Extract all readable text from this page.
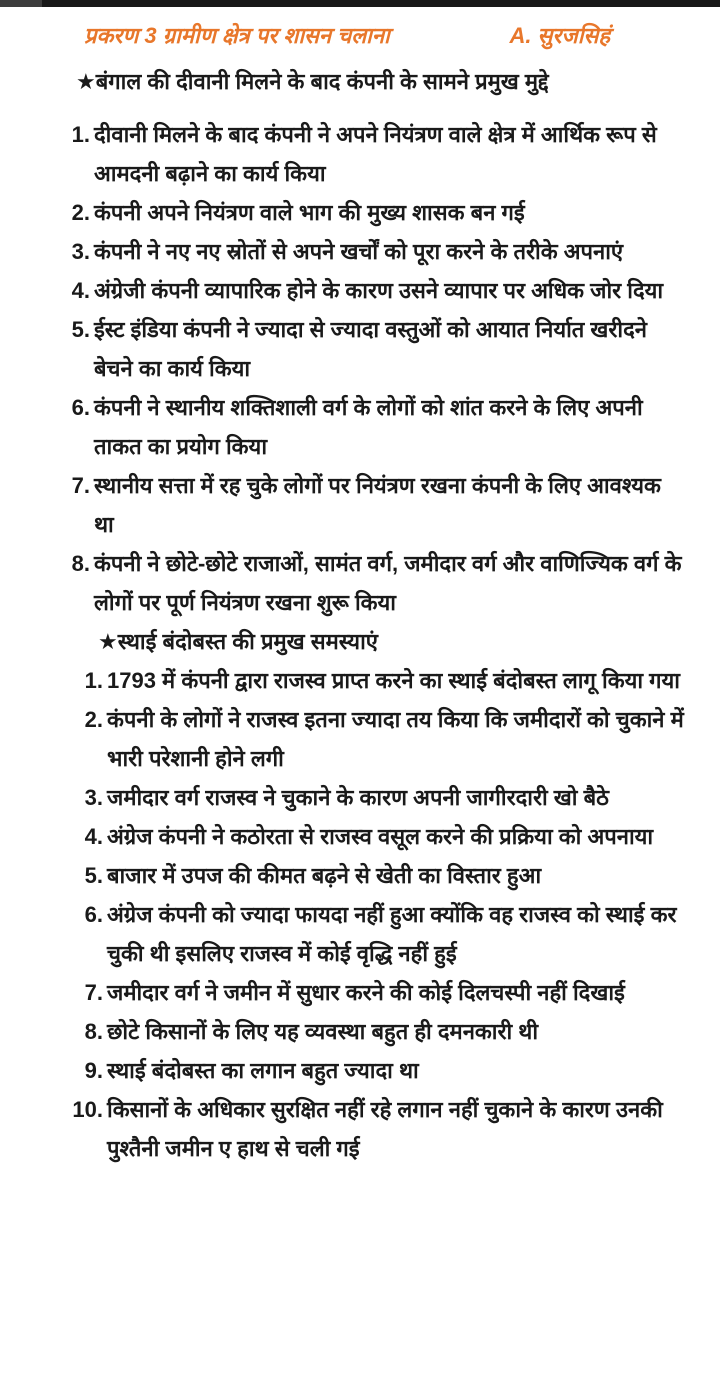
प्रकरण 3 ग्रामीण क्षेत्र पर शासन चलाना	A. सुरजसिहं
★बंगाल की दीवानी मिलने के बाद कंपनी के सामने प्रमुख मुद्दे
1. दीवानी मिलने के बाद कंपनी ने अपने नियंत्रण वाले क्षेत्र में आर्थिक रूप से आमदनी बढ़ाने का कार्य किया
2. कंपनी अपने नियंत्रण वाले भाग की मुख्य शासक बन गई
3. कंपनी ने नए नए स्रोतों से अपने खर्चों को पूरा करने के तरीके अपनाएं
4. अंग्रेजी कंपनी व्यापारिक होने के कारण उसने व्यापार पर अधिक जोर दिया
5. ईस्ट इंडिया कंपनी ने ज्यादा से ज्यादा वस्तुओं को आयात निर्यात खरीदने बेचने का कार्य किया
6. कंपनी ने स्थानीय शक्तिशाली वर्ग के लोगों को शांत करने के लिए अपनी ताकत का प्रयोग किया
7. स्थानीय सत्ता में रह चुके लोगों पर नियंत्रण रखना कंपनी के लिए आवश्यक था
8. कंपनी ने छोटे-छोटे राजाओं, सामंत वर्ग, जमीदार वर्ग और वाणिज्यिक वर्ग के लोगों पर पूर्ण नियंत्रण रखना शुरू किया
★स्थाई बंदोबस्त की प्रमुख समस्याएं
1. 1793 में कंपनी द्वारा राजस्व प्राप्त करने का स्थाई बंदोबस्त लागू किया गया
2. कंपनी के लोगों ने राजस्व इतना ज्यादा तय किया कि जमीदारों को चुकाने में भारी परेशानी होने लगी
3. जमीदार वर्ग राजस्व ने चुकाने के कारण अपनी जागीरदारी खो बैठे
4. अंग्रेज कंपनी ने कठोरता से राजस्व वसूल करने की प्रक्रिया को अपनाया
5. बाजार में उपज की कीमत बढ़ने से खेती का विस्तार हुआ
6. अंग्रेज कंपनी को ज्यादा फायदा नहीं हुआ क्योंकि वह राजस्व को स्थाई कर चुकी थी इसलिए राजस्व में कोई वृद्धि नहीं हुई
7. जमीदार वर्ग ने जमीन में सुधार करने की कोई दिलचस्पी नहीं दिखाई
8. छोटे किसानों के लिए यह व्यवस्था बहुत ही दमनकारी थी
9. स्थाई बंदोबस्त का लगान बहुत ज्यादा था
10. किसानों के अधिकार सुरक्षित नहीं रहे लगान नहीं चुकाने के कारण उनकी पुश्तैनी जमीन ए हाथ से चली गई
